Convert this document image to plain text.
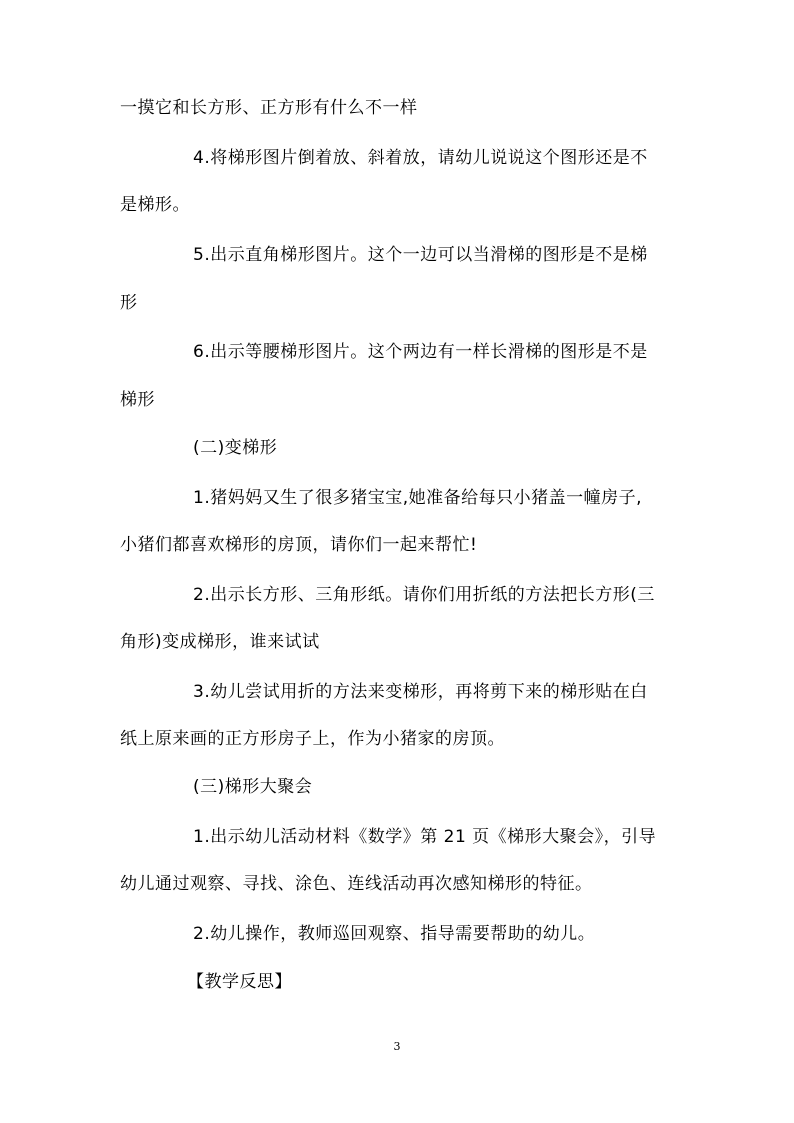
一摸它和长方形、正方形有什么不一样
4.将梯形图片倒着放、斜着放，请幼儿说说这个图形还是不
是梯形。
5.出示直角梯形图片。这个一边可以当滑梯的图形是不是梯
形
6.出示等腰梯形图片。这个两边有一样长滑梯的图形是不是
梯形
(二)变梯形
1.猪妈妈又生了很多猪宝宝,她准备给每只小猪盖一幢房子,
小猪们都喜欢梯形的房顶，请你们一起来帮忙!
2.出示长方形、三角形纸。请你们用折纸的方法把长方形(三
角形)变成梯形，谁来试试
3.幼儿尝试用折的方法来变梯形，再将剪下来的梯形贴在白
纸上原来画的正方形房子上，作为小猪家的房顶。
(三)梯形大聚会
1.出示幼儿活动材料《数学》第 21 页《梯形大聚会》，引导
幼儿通过观察、寻找、涂色、连线活动再次感知梯形的特征。
2.幼儿操作，教师巡回观察、指导需要帮助的幼儿。
【教学反思】
3
